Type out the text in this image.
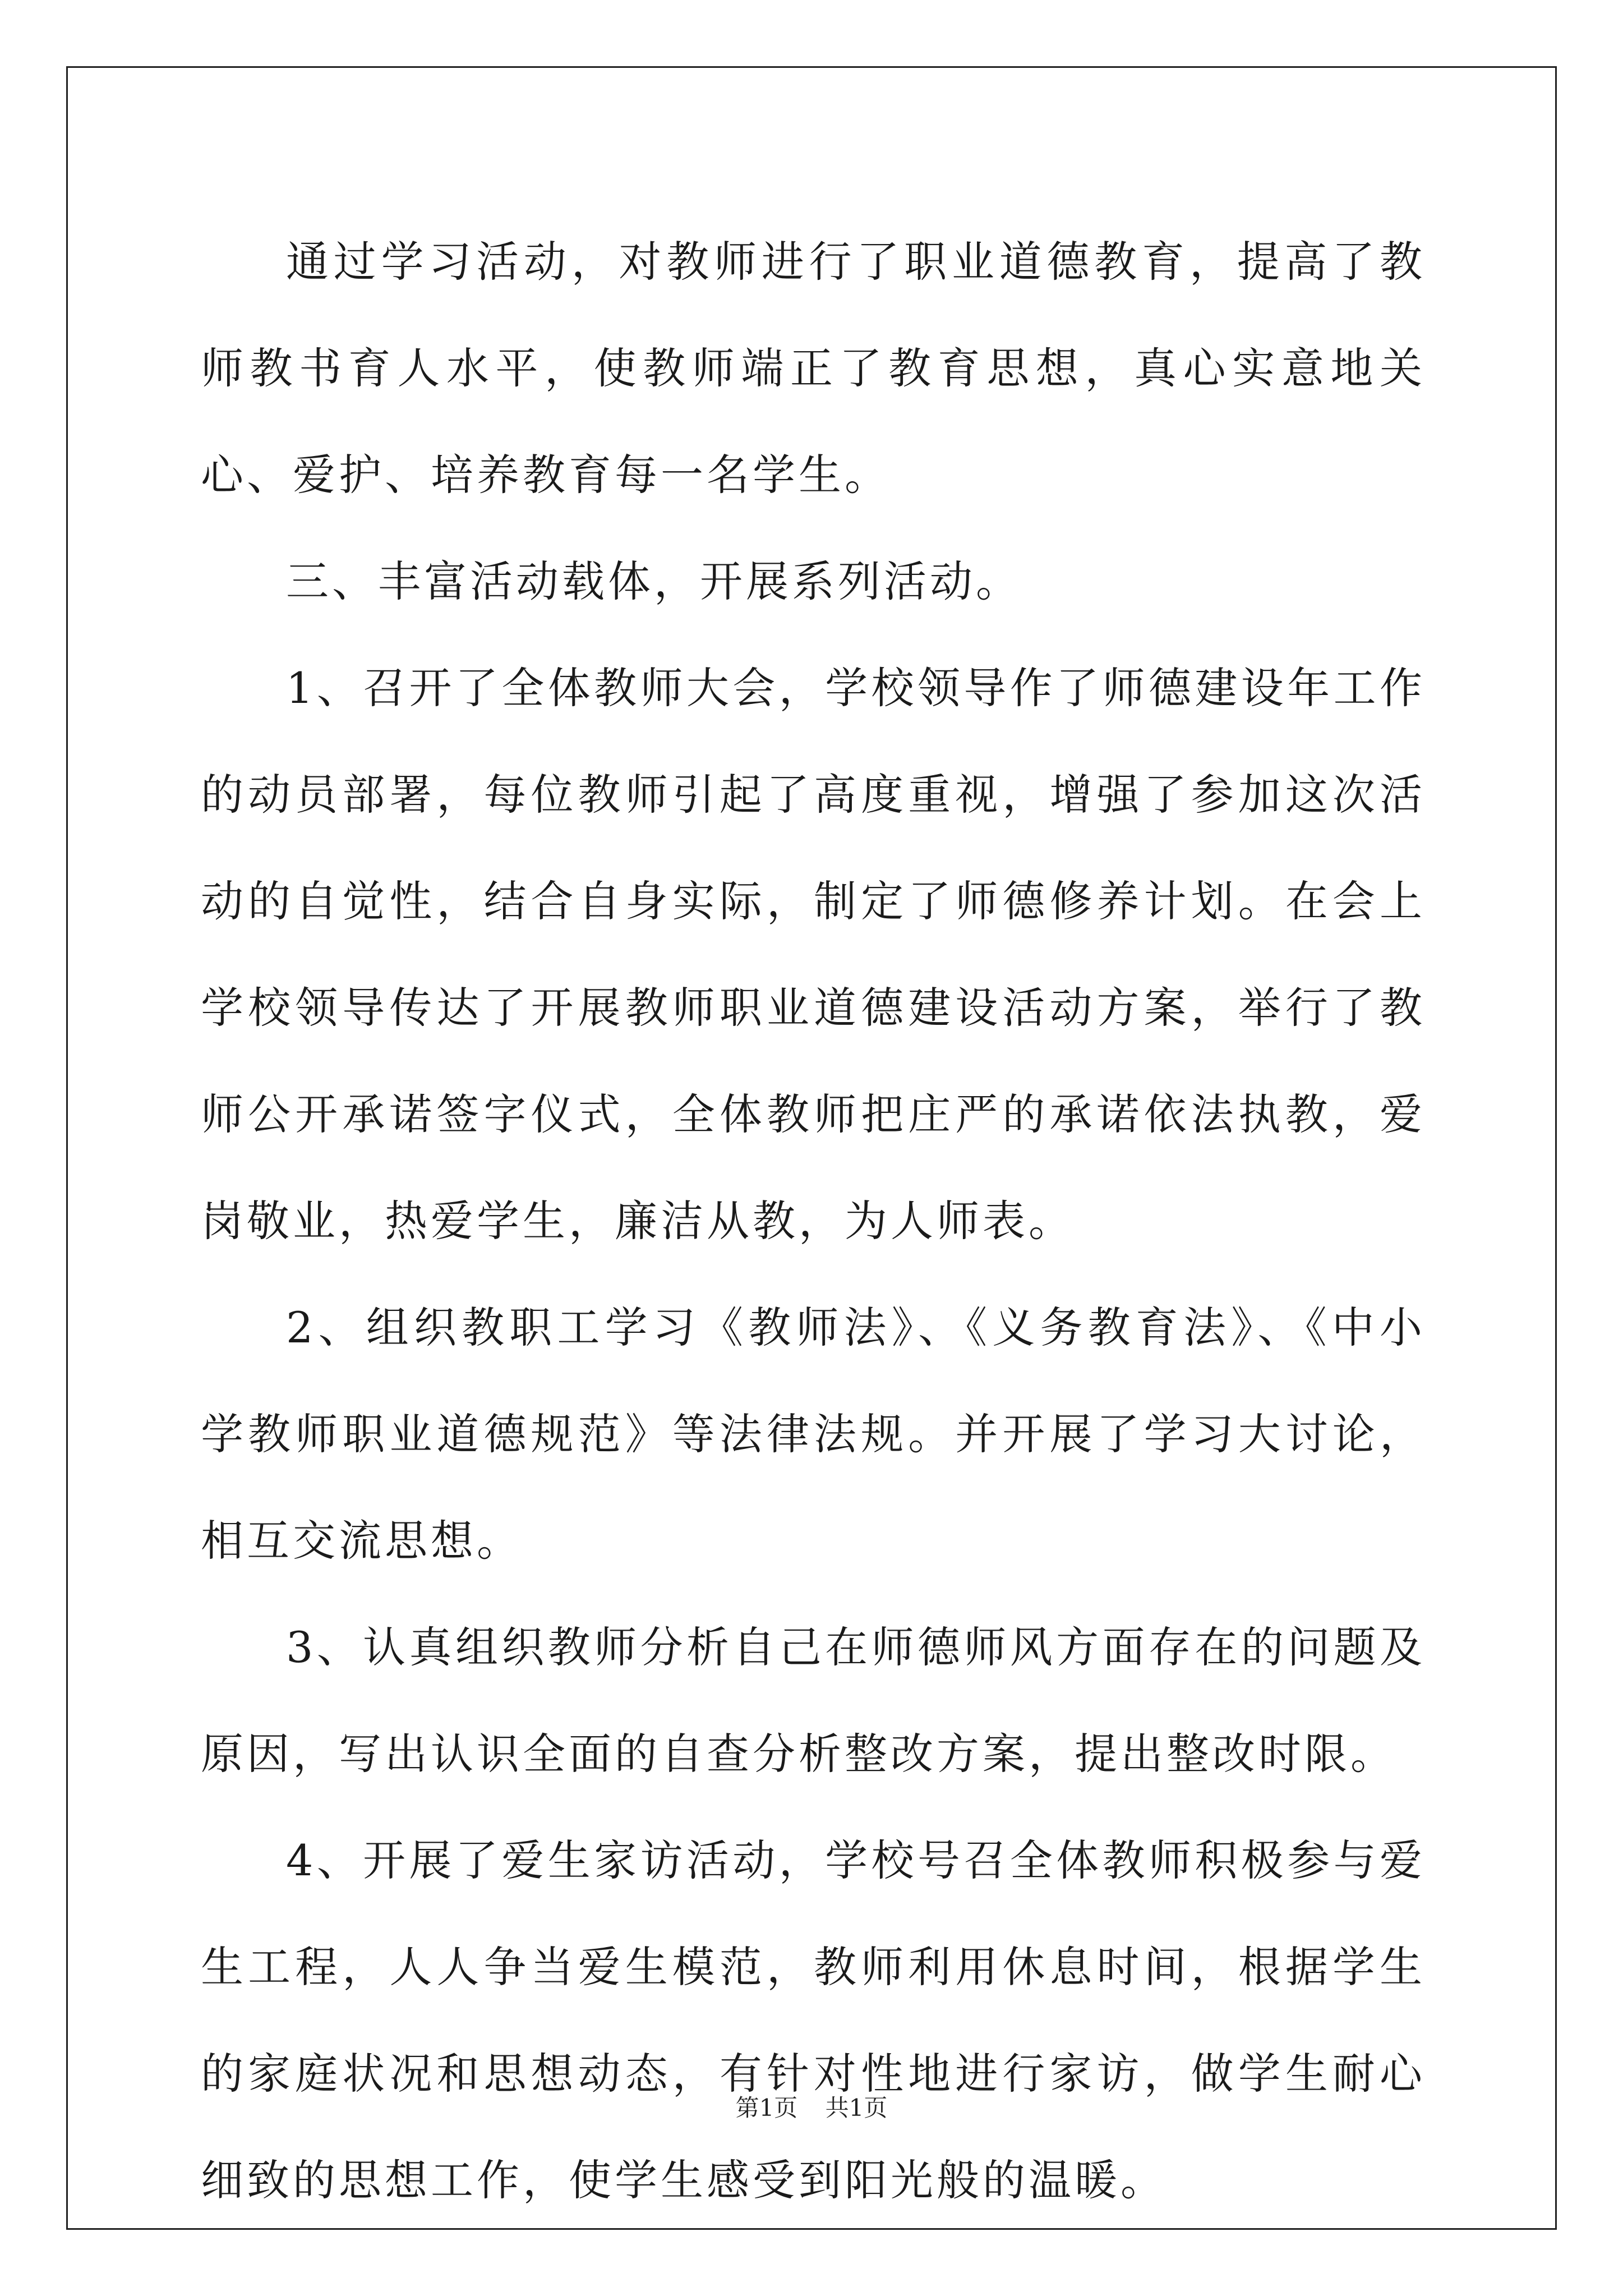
通过学习活动，对教师进行了职业道德教育，提高了教师教书育人水平，使教师端正了教育思想，真心实意地关心、爱护、培养教育每一名学生。

三、丰富活动载体，开展系列活动。

1、召开了全体教师大会，学校领导作了师德建设年工作的动员部署，每位教师引起了高度重视，增强了参加这次活动的自觉性，结合自身实际，制定了师德修养计划。在会上学校领导传达了开展教师职业道德建设活动方案，举行了教师公开承诺签字仪式，全体教师把庄严的承诺依法执教，爱岗敬业，热爱学生，廉洁从教，为人师表。

2、组织教职工学习《教师法》、《义务教育法》、《中小学教师职业道德规范》等法律法规。并开展了学习大讨论，相互交流思想。

3、认真组织教师分析自己在师德师风方面存在的问题及原因，写出认识全面的自查分析整改方案，提出整改时限。

4、开展了爱生家访活动，学校号召全体教师积极参与爱生工程，人人争当爱生模范，教师利用休息时间，根据学生的家庭状况和思想动态，有针对性地进行家访，做学生耐心细致的思想工作，使学生感受到阳光般的温暖。

第1页 共1页
